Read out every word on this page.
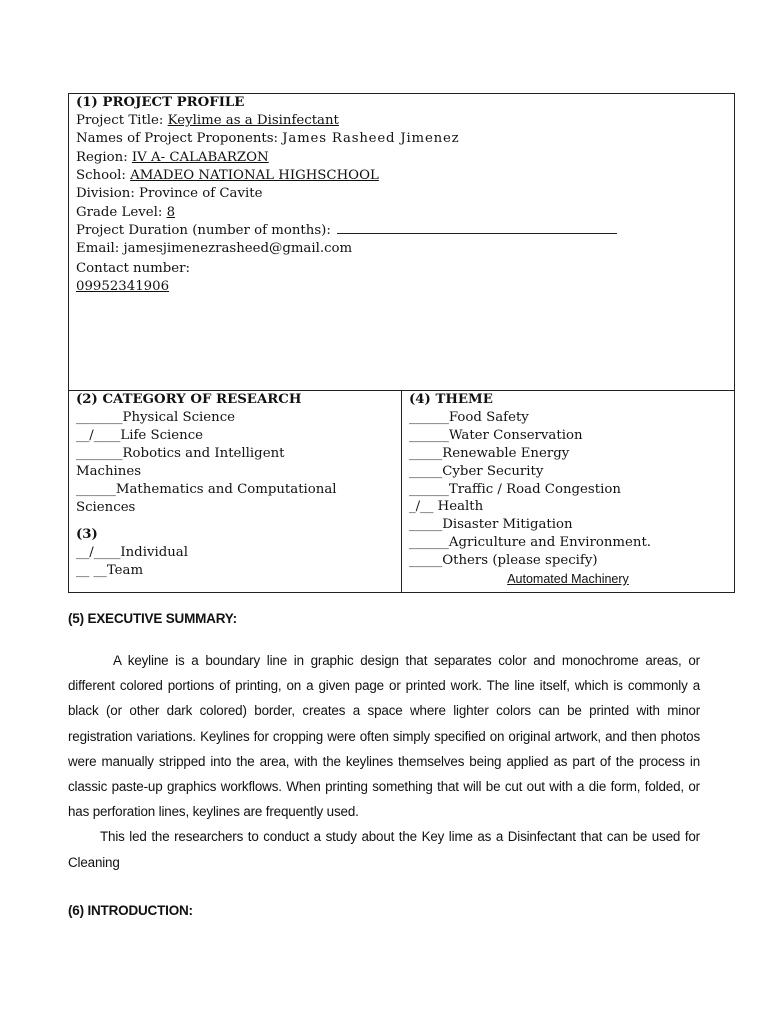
(1) PROJECT PROFILE

Project Title: Keylime as a Disinfectant

Names of Project Proponents: James Rasheed Jimenez

Region: IV A- CALABARZON

School: AMADEO NATIONAL HIGHSCHOOL

Division: Province of Cavite

Grade Level: 8

Project Duration (number of months):

Email: jamesjimenezrasheed@gmail.com

Contact number:

09952341906

(2) CATEGORY OF RESEARCH

_______Physical Science

__/____Life Science

_______Robotics and Intelligent

Machines

______Mathematics and Computational

Sciences

(3)

__/____Individual

__ __Team

(4) THEME

______Food Safety

______Water Conservation

_____Renewable Energy

_____Cyber Security

______Traffic / Road Congestion

_/__ Health

_____Disaster Mitigation

______Agriculture and Environment.

_____Others (please specify)

Automated Machinery

(5) EXECUTIVE SUMMARY:

A keyline is a boundary line in graphic design that separates color and monochrome areas, or different colored portions of printing, on a given page or printed work. The line itself, which is commonly a black (or other dark colored) border, creates a space where lighter colors can be printed with minor registration variations. Keylines for cropping were often simply specified on original artwork, and then photos were manually stripped into the area, with the keylines themselves being applied as part of the process in classic paste-up graphics workflows. When printing something that will be cut out with a die form, folded, or has perforation lines, keylines are frequently used.

This led the researchers to conduct a study about the Key lime as a Disinfectant that can be used for Cleaning

(6) INTRODUCTION:
